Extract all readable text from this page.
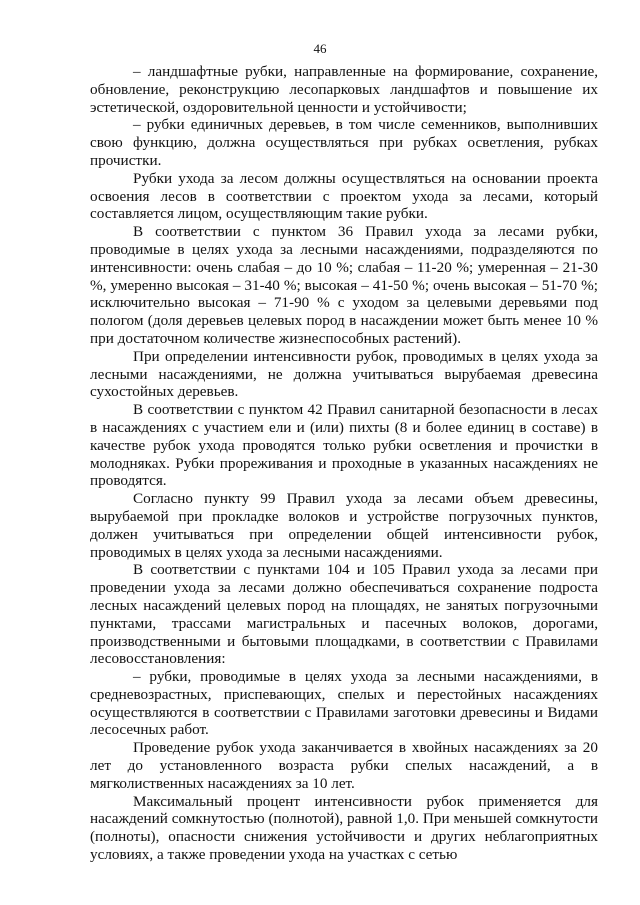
46

– ландшафтные рубки, направленные на формирование, сохранение, обновление, реконструкцию лесопарковых ландшафтов и повышение их эстетической, оздоровительной ценности и устойчивости;

– рубки единичных деревьев, в том числе семенников, выполнивших свою функцию, должна осуществляться при рубках осветления, рубках прочистки.

Рубки ухода за лесом должны осуществляться на основании проекта освоения лесов в соответствии с проектом ухода за лесами, который составляется лицом, осуществляющим такие рубки.

В соответствии с пунктом 36 Правил ухода за лесами рубки, проводимые в целях ухода за лесными насаждениями, подразделяются по интенсивности: очень слабая – до 10 %; слабая – 11-20 %; умеренная – 21-30 %, умеренно высокая – 31-40 %; высокая – 41-50 %; очень высокая – 51-70 %; исключительно высокая – 71-90 % с уходом за целевыми деревьями под пологом (доля деревьев целевых пород в насаждении может быть менее 10 % при достаточном количестве жизнеспособных растений).

При определении интенсивности рубок, проводимых в целях ухода за лесными насаждениями, не должна учитываться вырубаемая древесина сухостойных деревьев.

В соответствии с пунктом 42 Правил санитарной безопасности в лесах в насаждениях с участием ели и (или) пихты (8 и более единиц в составе) в качестве рубок ухода проводятся только рубки осветления и прочистки в молодняках. Рубки прореживания и проходные в указанных насаждениях не проводятся.

Согласно пункту 99 Правил ухода за лесами объем древесины, вырубаемой при прокладке волоков и устройстве погрузочных пунктов, должен учитываться при определении общей интенсивности рубок, проводимых в целях ухода за лесными насаждениями.

В соответствии с пунктами 104 и 105 Правил ухода за лесами при проведении ухода за лесами должно обеспечиваться сохранение подроста лесных насаждений целевых пород на площадях, не занятых погрузочными пунктами, трассами магистральных и пасечных волоков, дорогами, производственными и бытовыми площадками, в соответствии с Правилами лесовосстановления:

– рубки, проводимые в целях ухода за лесными насаждениями, в средневозрастных, приспевающих, спелых и перестойных насаждениях осуществляются в соответствии с Правилами заготовки древесины и Видами лесосечных работ.

Проведение рубок ухода заканчивается в хвойных насаждениях за 20 лет до установленного возраста рубки спелых насаждений, а в мягколиственных насаждениях за 10 лет.

Максимальный процент интенсивности рубок применяется для насаждений сомкнутостью (полнотой), равной 1,0. При меньшей сомкнутости (полноты), опасности снижения устойчивости и других неблагоприятных условиях, а также проведении ухода на участках с сетью
